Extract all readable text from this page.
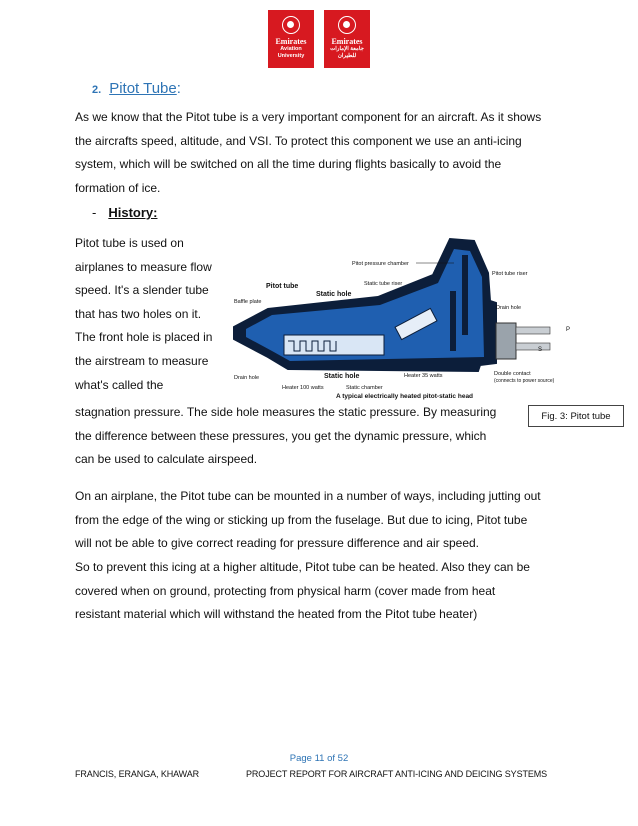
Emirates
Aviation
University
Emirates
جامعة الإمارات
للطيران
2. Pitot Tube:
As we know that the Pitot tube is a very important component for an aircraft. As it shows
the aircrafts speed, altitude, and VSI. To protect this component we use an anti-icing
system, which will be switched on all the time during flights basically to avoid the
formation of ice.
- History:
Pitot tube is used on
airplanes to measure flow
speed. It's a slender tube
that has two holes on it.
The front hole is placed in
the airstream to measure
what's called the
Pitot pressure chamber
Pitot tube riser
Static tube riser
Pitot tube
Static hole
Drain hole
Baffle plate
P
S
Drain hole	Static hole	Heater 35 watts	Double contact
(connects to power source)
Heater 100 watts	Static chamber
A typical electrically heated pitot-static head
Fig. 3: Pitot tube
stagnation pressure. The side hole measures the static pressure. By measuring
the difference between these pressures, you get the dynamic pressure, which
can be used to calculate airspeed.
On an airplane, the Pitot tube can be mounted in a number of ways, including jutting out
from the edge of the wing or sticking up from the fuselage. But due to icing, Pitot tube
will not be able to give correct reading for pressure difference and air speed.
So to prevent this icing at a higher altitude, Pitot tube can be heated. Also they can be
covered when on ground, protecting from physical harm (cover made from heat
resistant material which will withstand the heated from the Pitot tube heater)
Page 11 of 52
FRANCIS, ERANGA, KHAWAR	PROJECT REPORT FOR AIRCRAFT ANTI-ICING AND DEICING SYSTEMS
